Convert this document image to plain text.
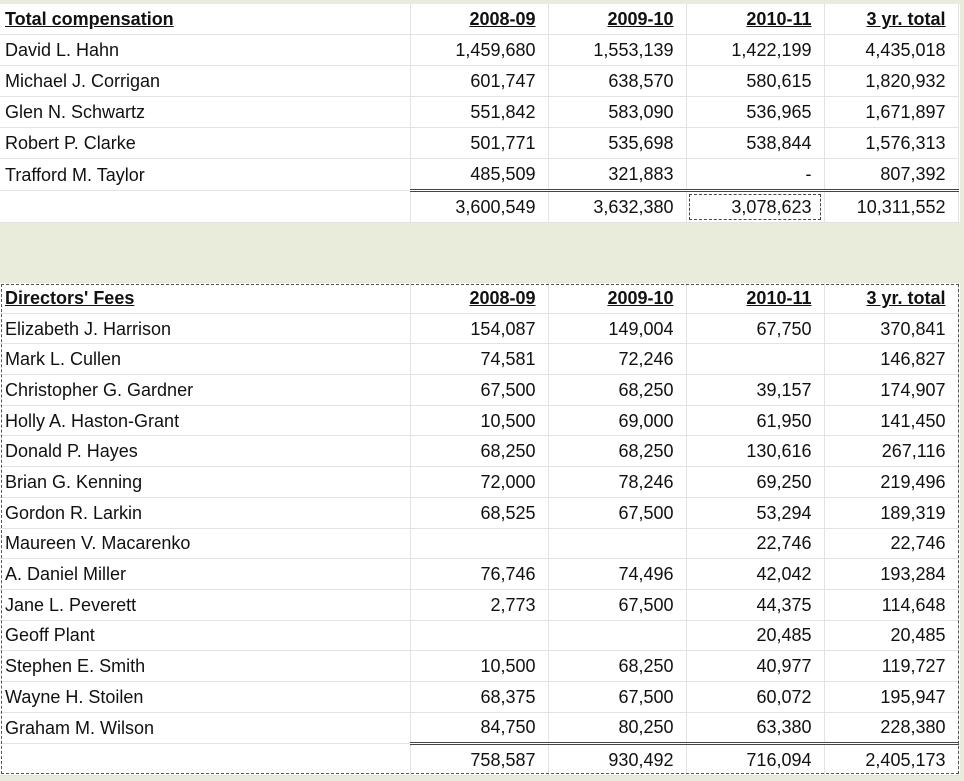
Total compensation	2008-09	2009-10	2010-11	3 yr. total
David L. Hahn	1,459,680	1,553,139	1,422,199	4,435,018
Michael J. Corrigan	601,747	638,570	580,615	1,820,932
Glen N. Schwartz	551,842	583,090	536,965	1,671,897
Robert P. Clarke	501,771	535,698	538,844	1,576,313
Trafford M. Taylor	485,509	321,883	-	807,392
	3,600,549	3,632,380	3,078,623	10,311,552
Directors' Fees	2008-09	2009-10	2010-11	3 yr. total
Elizabeth J. Harrison	154,087	149,004	67,750	370,841
Mark L. Cullen	74,581	72,246		146,827
Christopher G. Gardner	67,500	68,250	39,157	174,907
Holly A. Haston-Grant	10,500	69,000	61,950	141,450
Donald P. Hayes	68,250	68,250	130,616	267,116
Brian G. Kenning	72,000	78,246	69,250	219,496
Gordon R. Larkin	68,525	67,500	53,294	189,319
Maureen V. Macarenko			22,746	22,746
A. Daniel Miller	76,746	74,496	42,042	193,284
Jane L. Peverett	2,773	67,500	44,375	114,648
Geoff Plant			20,485	20,485
Stephen E. Smith	10,500	68,250	40,977	119,727
Wayne H. Stoilen	68,375	67,500	60,072	195,947
Graham M. Wilson	84,750	80,250	63,380	228,380
	758,587	930,492	716,094	2,405,173
